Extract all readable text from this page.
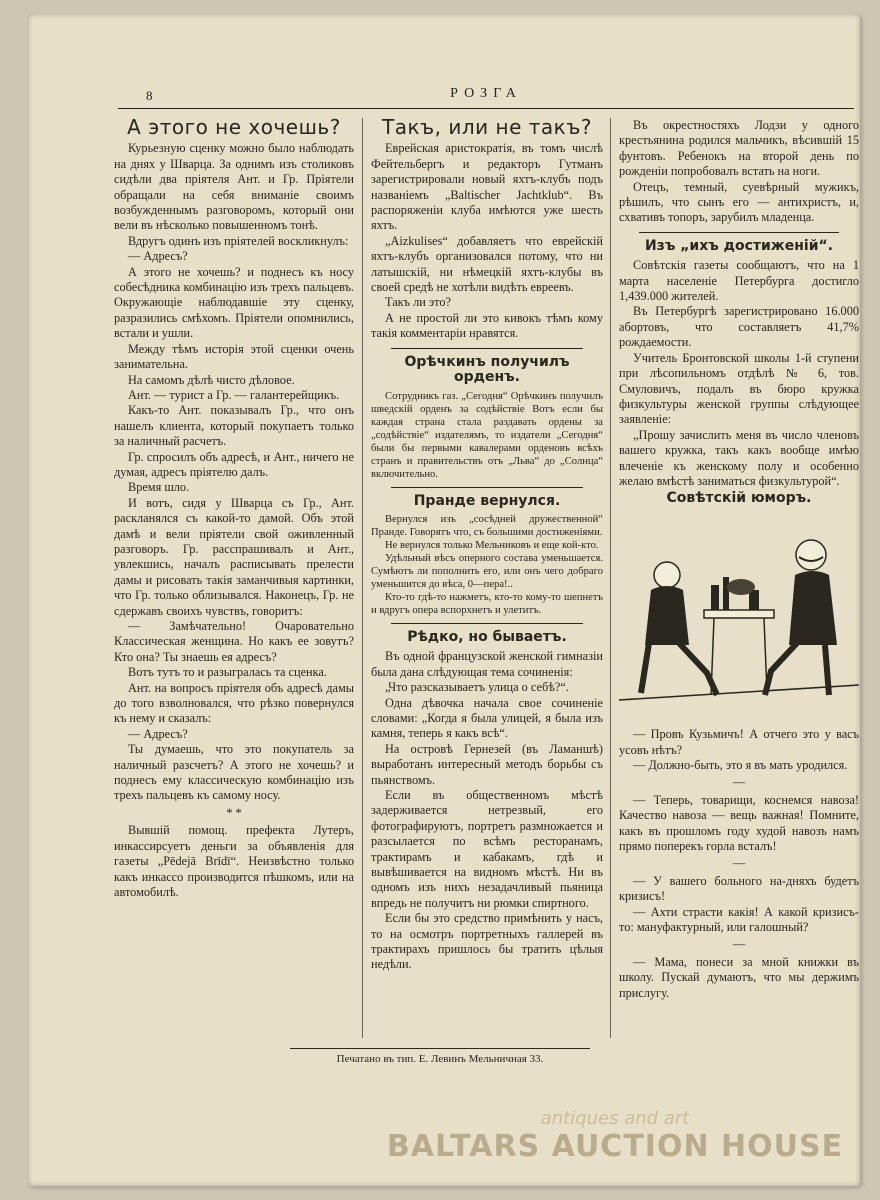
8	РОЗГА
А этого не хочешь?

Курьезную сценку можно было наблюдать на днях у Шварца. За однимъ изъ столиковъ сидѣли два пріятеля Ант. и Гр. Пріятели обращали на себя вниманіе своимъ возбужденнымъ разговоромъ, который они вели въ нѣсколько повышенномъ тонѣ.

Вдругъ одинъ изъ пріятелей воскликнулъ:

— Адресъ?

А этого не хочешь? и поднесъ къ носу собесѣдника комбинацію изъ трехъ пальцевъ. Окружающіе наблюдавшіе эту сценку, разразились смѣхомъ. Пріятели опомнились, встали и ушли.

Между тѣмъ исторія этой сценки очень занимательна.

На самомъ дѣлѣ чисто дѣловое.

Ант. — турист а Гр. — галантерейщикъ.

Какъ-то Ант. показывалъ Гр., что онъ нашелъ клиента, который покупаетъ только за наличный расчетъ.

Гр. спросилъ объ адресѣ, и Ант., ничего не думая, адресъ пріятелю далъ.

Время шло.

И вотъ, сидя у Шварца съ Гр., Ант. раскланялся съ какой-то дамой. Объ этой дамѣ и вели пріятели свой оживленный разговоръ. Гр. расспрашивалъ и Ант., увлекшись, началъ расписывать прелести дамы и рисовать такія заманчивыя картинки, что Гр. только облизывался. Наконецъ, Гр. не сдержавъ своихъ чувствъ, говоритъ:

— Замѣчательно! Очаровательно Классическая женщина. Но какъ ее зовутъ? Кто она? Ты знаешь ея адресъ?

Вотъ тутъ то и разыгралась та сценка.

Ант. на вопросъ пріятеля объ адресѣ дамы до того взволновался, что рѣзко повернулся къ нему и сказалъ:

— Адресъ?

Ты думаешь, что это покупатель за наличный разсчетъ? А этого не хочешь? и поднесъ ему классическую комбинацію изъ трехъ пальцевъ къ самому носу.

* *

Вывшій помощ. префекта Лутеръ, инкассирсуетъ деньги за объявленія для газеты „Pēdejā Brīdī“. Неизвѣстно только какъ инкассо производится пѣшкомъ, или на автомобилѣ.

Такъ, или не такъ?

Еврейская аристократія, въ томъ числѣ Фейтельбергъ и редакторъ Гутманъ зарегистрировали новый яхтъ-клубъ подъ названіемъ „Baltischer Jachtklub“. Въ распоряженіи клуба имѣются уже шесть яхтъ.

„Aizkulises“ добавляетъ что еврейскій яхтъ-клубъ организовался потому, что ни латышскій, ни нѣмецкій яхтъ-клубы въ своей средѣ не хотѣли видѣть евреевъ.

Такъ ли это?

А не простой ли это кивокъ тѣмъ кому такія комментаріи нравятся.

Орѣчкинъ получилъ орденъ.

Сотрудникъ газ. „Сегодня“ Орѣчкинъ получилъ шведскій орденъ за содѣйствіе Вотъ если бы каждая страна стала раздавать ордены за „содѣйствіе“ издателямъ, то издатели „Сегодня“ были бы первыми кавалерами орденовъ всѣхъ странъ и правительствъ отъ „Льва“ до „Солнца“ включительно.

Пранде вернулся.

Вернулся изъ „сосѣдней дружественной“ Пранде. Говорятъ что, съ большими достиженіями.

Не вернулся только Мельниковъ и еще кой-кто.

Удѣльный вѣсъ оперного состава уменьшается. Сумѣютъ ли пополнить его, или онъ чего добраго уменьшится до вѣса, 0—пера!..

Кто-то гдѣ-то нажметъ, кто-то кому-то шепнетъ и вдругъ опера вспорхнетъ и улетитъ.

Рѣдко, но бываетъ.

Въ одной французской женской гимназіи была дана слѣдующая тема сочиненія:

„Что разсказываетъ улица о себѣ?“.

Одна дѣвочка начала свое сочиненіе словами: „Когда я была улицей, я была изъ камня, теперь я какъ всѣ“.

На островѣ Гернезей (въ Ламаншѣ) выработанъ интересный методъ борьбы съ пьянствомъ.

Если въ общественномъ мѣстѣ задерживается нетрезвый, его фотографируютъ, портретъ размножается и разсылается по всѣмъ ресторанамъ, трактирамъ и кабакамъ, гдѣ и вывѣшивается на видномъ мѣстѣ. Ни въ одномъ изъ нихъ незадачливый пьяница впредь не получитъ ни рюмки спиртного.

Если бы это средство примѣнить у насъ, то на осмотръ портретныхъ галлерей въ трактирахъ пришлось бы тратить цѣлыя недѣли.

Въ окрестностяхъ Лодзи у одного крестьянина родился мальчикъ, вѣсившій 15 фунтовъ. Ребенокъ на второй день по рожденіи попробовалъ встать на ноги.

Отецъ, темный, суевѣрный мужикъ, рѣшилъ, что сынъ его — антихристъ, и, схвативъ топоръ, зарубилъ младенца.

Изъ „ихъ достиженій“.

Совѣтскія газеты сообщаютъ, что на 1 марта населеніе Петербурга достигло 1,439.000 жителей.

Въ Петербургѣ зарегистрировано 16.000 абортовъ, что составляетъ 41,7% рождаемости.

Учитель Бронтовской школы 1-й ступени при лѣсопильномъ отдѣлѣ № 6, тов. Смуловичъ, подалъ въ бюро кружка физкультуры женской группы слѣдующее заявленіе:

„Прошу зачислить меня въ число членовъ вашего кружка, такъ какъ вообще имѣю влеченіе къ женскому полу и особенно желаю вмѣстѣ заниматься физкультурой“.

Совѣтскій юморъ.

— Провъ Кузьмичъ! А отчего это у васъ усовъ нѣтъ?

— Должно-быть, это я въ мать уродился.

—

— Теперь, товарищи, коснемся навоза! Качество навоза — вещь важная! Помните, какъ въ прошломъ году худой навозъ намъ прямо поперекъ горла всталъ!

—

— У вашего больного на-дняхъ будетъ кризисъ!

— Ахти страсти какія! А какой кризисъ-то: мануфактурный, или галошный?

—

— Мама, понеси за мной книжки въ школу. Пускай думаютъ, что мы держимъ прислугу.

Печатано въ тип. Е. Левинъ Мельничная 33.
antiques and art
BALTARS AUCTION HOUSE
